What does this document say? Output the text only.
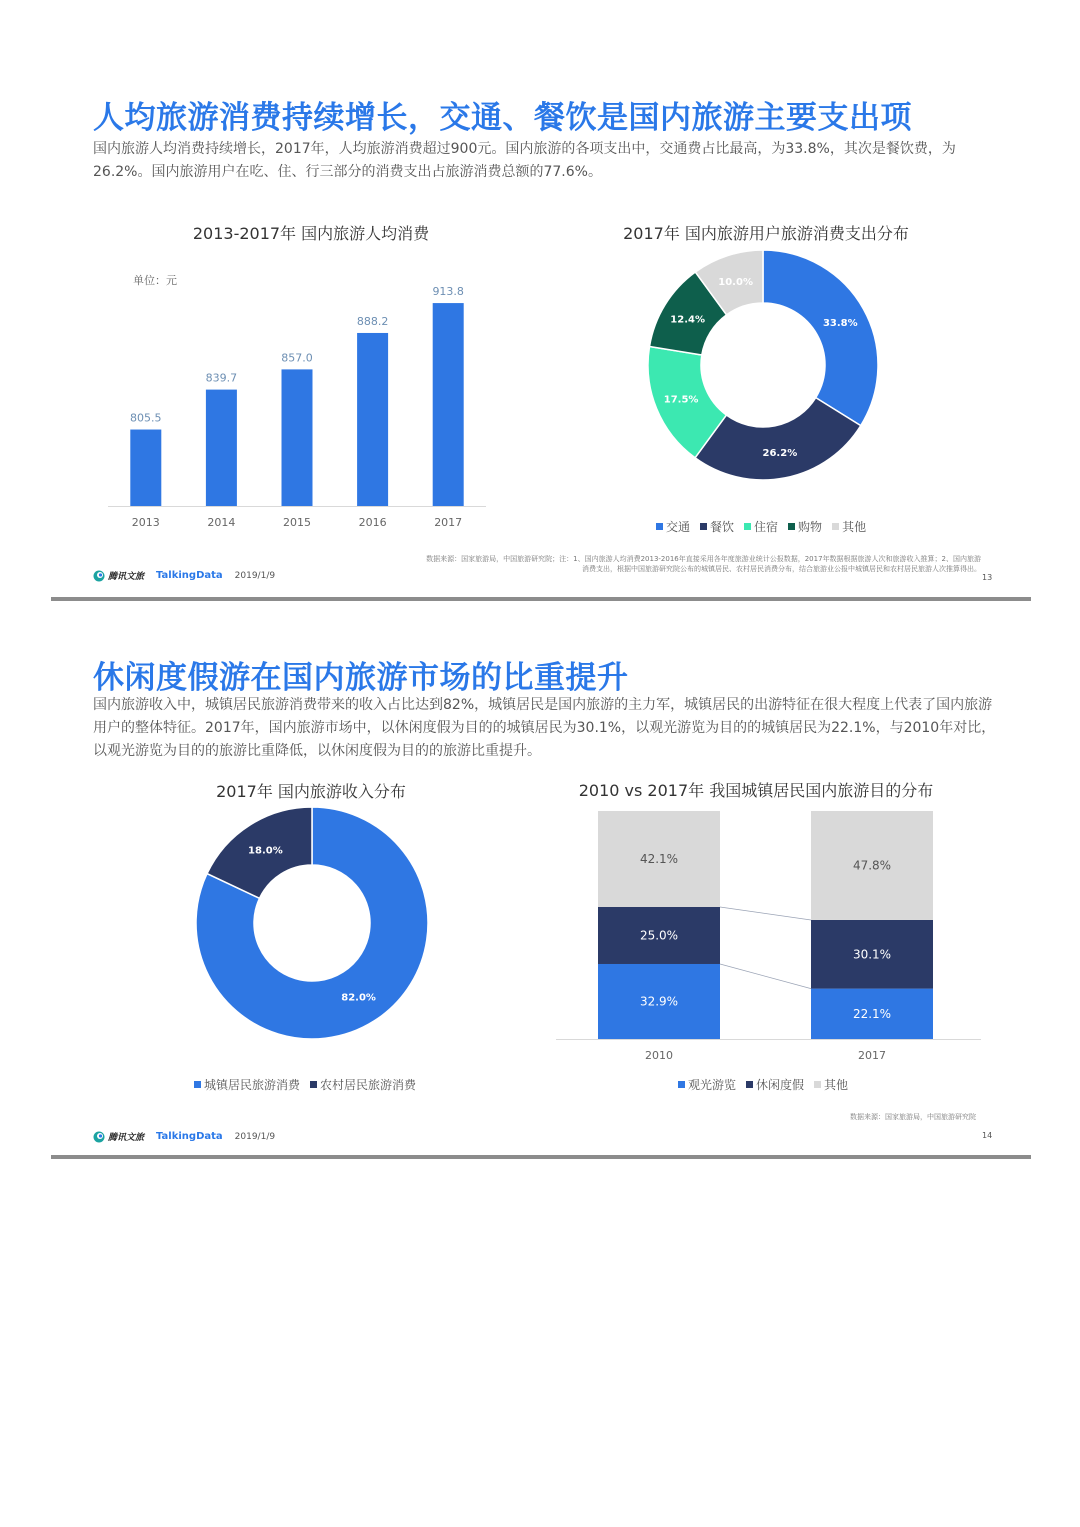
人均旅游消费持续增长，交通、餐饮是国内旅游主要支出项

国内旅游人均消费持续增长，2017年，人均旅游消费超过900元。国内旅游的各项支出中，交通费占比最高，为33.8%，其次是餐饮费，为26.2%。国内旅游用户在吃、住、行三部分的消费支出占旅游消费总额的77.6%。

2013-2017年 国内旅游人均消费
单位：元
805.5
2013
839.7
2014
857.0
2015
888.2
2016
913.8
2017
2017年 国内旅游用户旅游消费支出分布
33.8%
26.2%
17.5%
12.4%
10.0%
交通 餐饮 住宿 购物 其他
腾讯文旅 TalkingData 2019/1/9
数据来源：国家旅游局，中国旅游研究院；注：1、国内旅游人均消费2013-2016年直接采用各年度旅游业统计公报数据，2017年数据根据旅游人次和旅游收入推算；2、国内旅游消费支出，根据中国旅游研究院公布的城镇居民、农村居民消费分布，结合旅游业公报中城镇居民和农村居民旅游人次推算得出。
13
休闲度假游在国内旅游市场的比重提升

国内旅游收入中，城镇居民旅游消费带来的收入占比达到82%，城镇居民是国内旅游的主力军，城镇居民的出游特征在很大程度上代表了国内旅游用户的整体特征。2017年，国内旅游市场中，以休闲度假为目的的城镇居民为30.1%，以观光游览为目的的城镇居民为22.1%，与2010年对比，以观光游览为目的的旅游比重降低，以休闲度假为目的的旅游比重提升。

2017年 国内旅游收入分布
82.0%
18.0%
城镇居民旅游消费 农村居民旅游消费
2010 vs 2017年 我国城镇居民国内旅游目的分布
32.9%
25.0%
42.1%
2010
22.1%
30.1%
47.8%
2017
观光游览 休闲度假 其他
数据来源：国家旅游局，中国旅游研究院
腾讯文旅 TalkingData 2019/1/9	14
